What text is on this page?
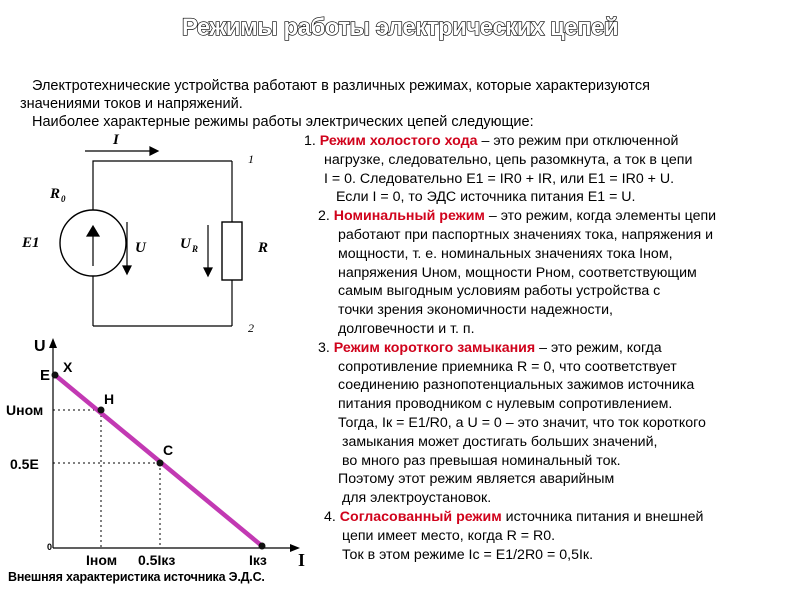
Режимы работы электрических цепей

Электротехнические устройства работают в различных режимах, которые характеризуются

значениями токов и напряжений.

Наиболее характерные режимы работы электрических цепей следующие:

I
1
2
R 0
E1	U U R	R
U
I
X
Н
С
E
Uном
0.5E
0
Iном 0.5Iкз	Iкз
Внешняя характеристика источника Э.Д.С.

1. Режим холостого хода – это режим при отключенной

нагрузке, следовательно, цепь разомкнута, а ток в цепи

I = 0. Следовательно E1 = IR0 + IR, или E1 = IR0 + U.

Если I = 0, то ЭДС источника питания E1 = U.

2. Номинальный режим – это режим, когда элементы цепи

работают при паспортных значениях тока, напряжения и

мощности, т. е. номинальных значениях тока Iном,

напряжения Uном, мощности Pном, соответствующим

самым выгодным условиям работы устройства с

точки зрения экономичности надежности,

долговечности и т. п.

3. Режим короткого замыкания – это режим, когда

сопротивление приемника R = 0, что соответствует

соединению разнопотенциальных зажимов источника

питания проводником с нулевым сопротивлением.

Тогда, Iк = E1/R0, а U = 0 – это значит, что ток короткого

замыкания может достигать больших значений,

во много раз превышая номинальный ток.

Поэтому этот режим является аварийным

для электроустановок.

4. Согласованный режим источника питания и внешней

цепи имеет место, когда R = R0.

Ток в этом режиме Iс = E1/2R0 = 0,5Iк.
